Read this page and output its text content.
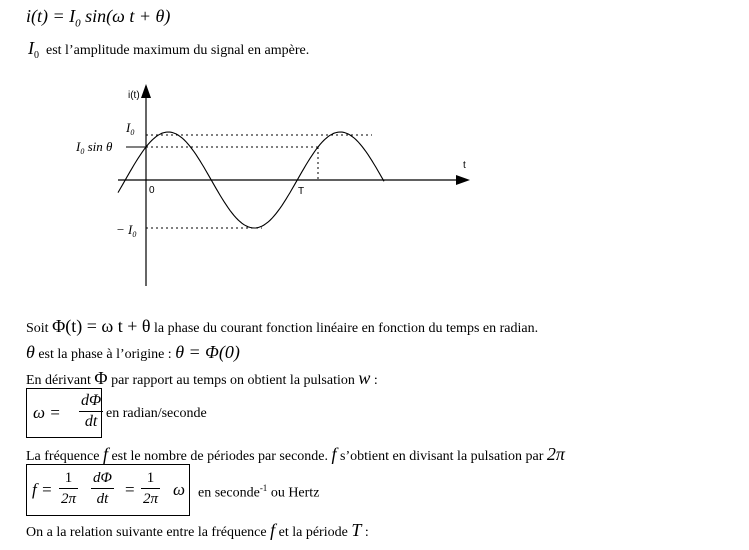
$i(t) = I_0$ sin(ω t + θ)
$I_0$ est l’amplitude maximum du signal en ampère.
i(t)
t
$I_0$
$I_0$ sin θ
− $I_0$
0	T
Soit Φ(t) = ω t + θ la phase du courant fonction linéaire en fonction du temps en radian.
θ est la phase à l’origine : θ = Φ(0)
En dérivant Φ par rapport au temps on obtient la pulsation w :
$\omega = \frac{d\Phi}{dt}$ en radian/seconde
La fréquence f est le nombre de périodes par seconde. f s’obtient en divisant la pulsation par 2π
$f = \frac{1}{2\pi} \frac{d\Phi}{dt} = \frac{1}{2\pi}$ ω en seconde$^{-1}$ ou Hertz
On a la relation suivante entre la fréquence f et la période T :
